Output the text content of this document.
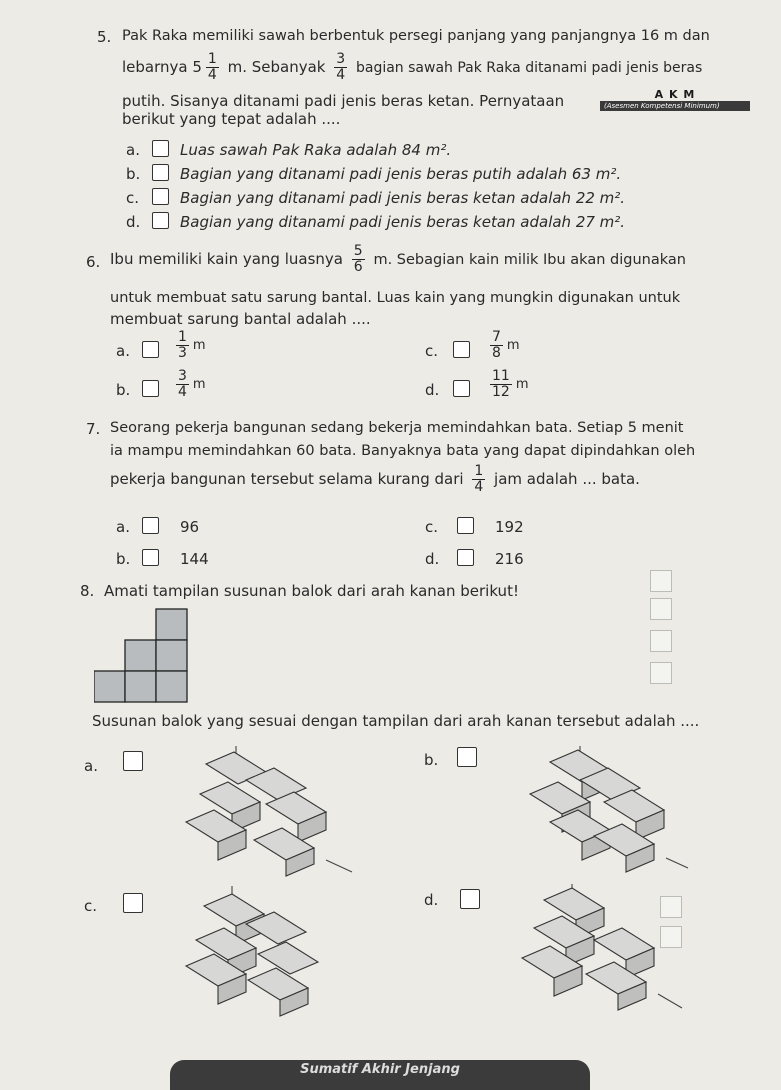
5. Pak Raka memiliki sawah berbentuk persegi panjang yang panjangnya 16 m dan
lebarnya $5 \frac{1}{4} m$. Sebanyak $\frac{3}{4}$ bagian sawah Pak Raka ditanami padi jenis beras
putih. Sisanya ditanami padi jenis beras ketan. Pernyataan
berikut yang tepat adalah ....
A K M
(Asesmen Kompetensi Minimum)
a.	Luas sawah Pak Raka adalah 84 m².
b.	Bagian yang ditanami padi jenis beras putih adalah 63 m².
c.	Bagian yang ditanami padi jenis beras ketan adalah 22 m².
d.	Bagian yang ditanami padi jenis beras ketan adalah 27 m².
6. Ibu memiliki kain yang luasnya $\frac{5}{6} m$. Sebagian kain milik Ibu akan digunakan
untuk membuat satu sarung bantal. Luas kain yang mungkin digunakan untuk
membuat sarung bantal adalah ....
a.	$\frac{1}{3}$ m
b.	$\frac{3}{4}$ m
c.	$\frac{7}{8}$ m
d.	$\frac{11}{12}$ m
7. Seorang pekerja bangunan sedang bekerja memindahkan bata. Setiap 5 menit
ia mampu memindahkan 60 bata. Banyaknya bata yang dapat dipindahkan oleh
pekerja bangunan tersebut selama kurang dari $\frac{1}{4}$ jam adalah ... bata.
a.	96
b.	144
c.	192
d.	216
8. Amati tampilan susunan balok dari arah kanan berikut!
Susunan balok yang sesuai dengan tampilan dari arah kanan tersebut adalah ....
a.	b.
c.	d.
Sumatif Akhir Jenjang
